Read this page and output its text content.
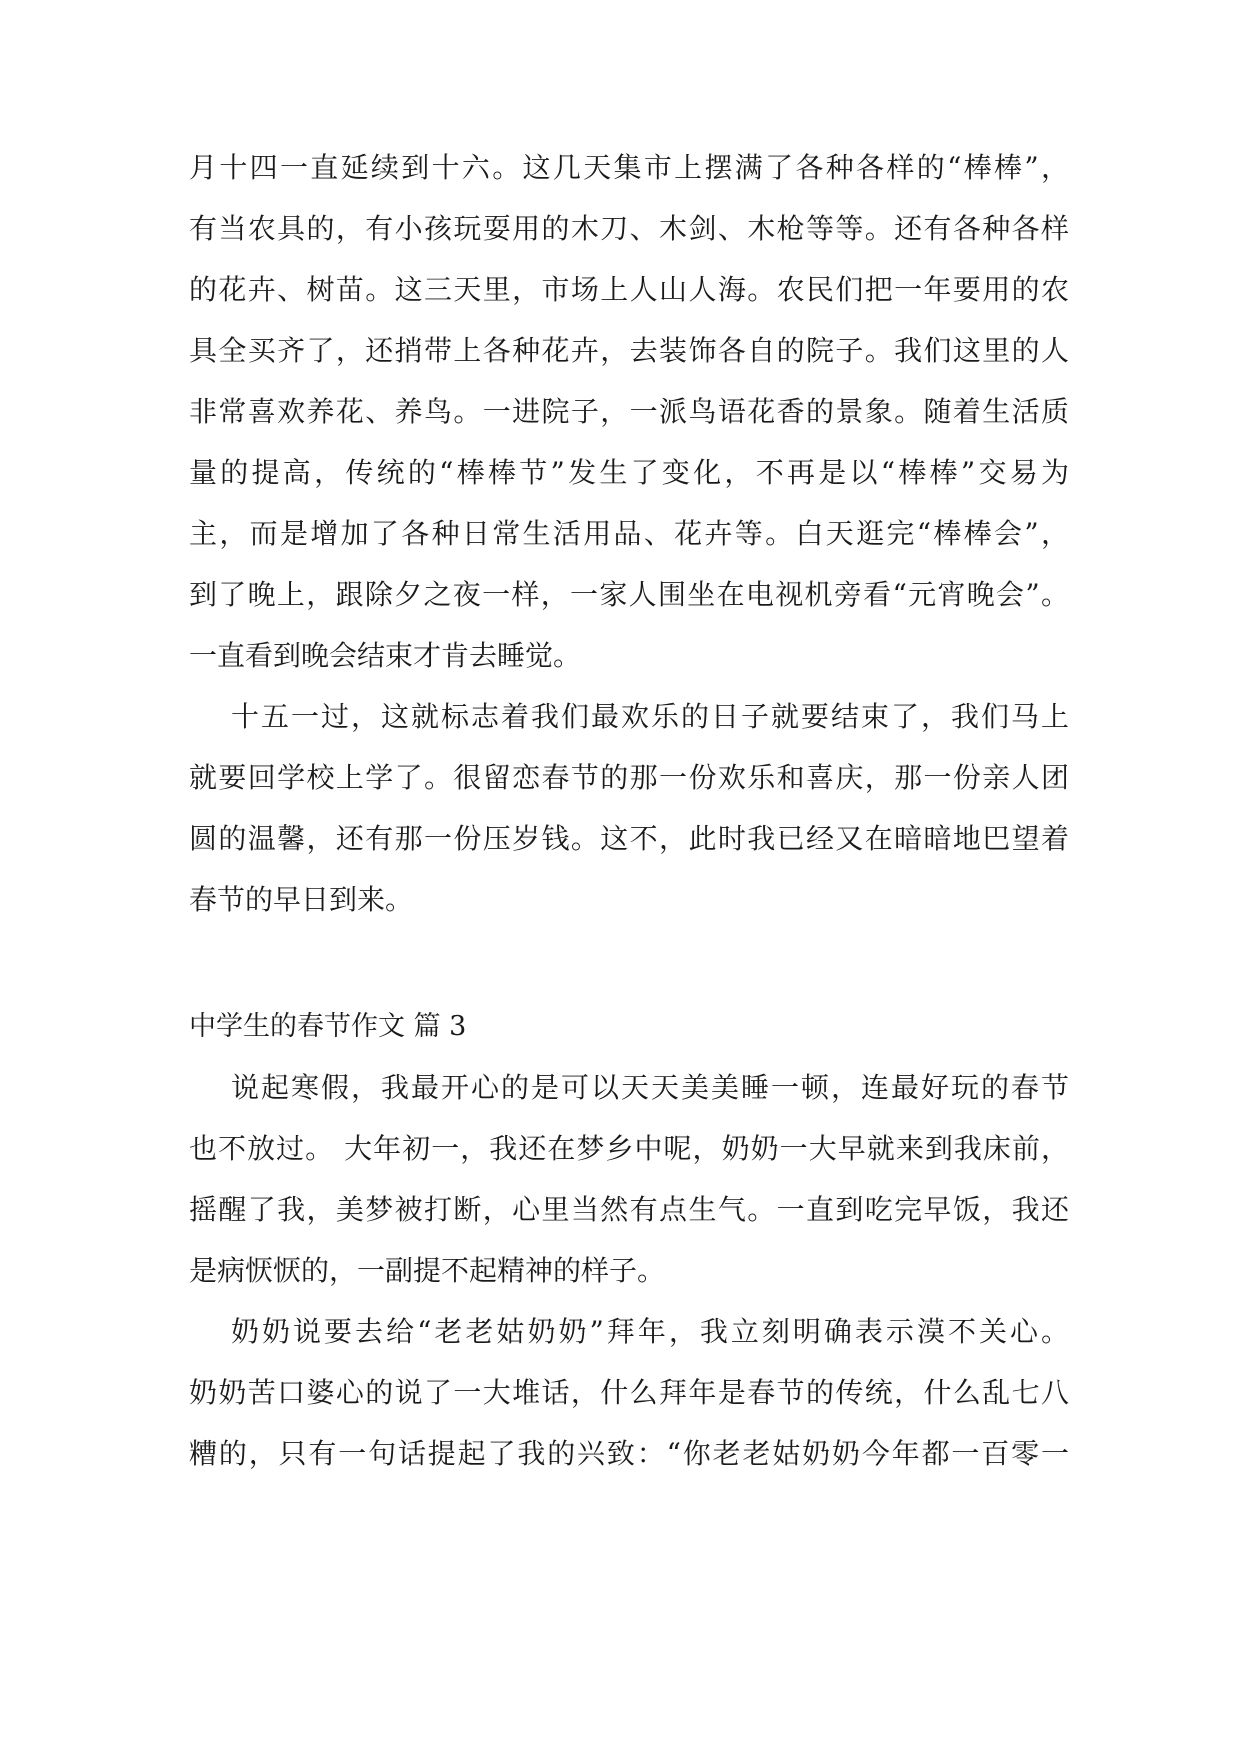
月十四一直延续到十六。这几天集市上摆满了各种各样的“棒棒”，
有当农具的，有小孩玩耍用的木刀、木剑、木枪等等。还有各种各样
的花卉、树苗。这三天里，市场上人山人海。农民们把一年要用的农
具全买齐了，还捎带上各种花卉，去装饰各自的院子。我们这里的人
非常喜欢养花、养鸟。一进院子，一派鸟语花香的景象。随着生活质
量的提高，传统的“棒棒节”发生了变化，不再是以“棒棒”交易为
主，而是增加了各种日常生活用品、花卉等。白天逛完“棒棒会”，
到了晚上，跟除夕之夜一样，一家人围坐在电视机旁看“元宵晚会”。
一直看到晚会结束才肯去睡觉。
十五一过，这就标志着我们最欢乐的日子就要结束了，我们马上
就要回学校上学了。很留恋春节的那一份欢乐和喜庆，那一份亲人团
圆的温馨，还有那一份压岁钱。这不，此时我已经又在暗暗地巴望着
春节的早日到来。
中学生的春节作文 篇 3
说起寒假，我最开心的是可以天天美美睡一顿，连最好玩的春节
也不放过。 大年初一，我还在梦乡中呢，奶奶一大早就来到我床前，
摇醒了我，美梦被打断，心里当然有点生气。一直到吃完早饭，我还
是病恹恹的，一副提不起精神的样子。
奶奶说要去给“老老姑奶奶”拜年，我立刻明确表示漠不关心。
奶奶苦口婆心的说了一大堆话，什么拜年是春节的传统，什么乱七八
糟的，只有一句话提起了我的兴致：“你老老姑奶奶今年都一百零一
